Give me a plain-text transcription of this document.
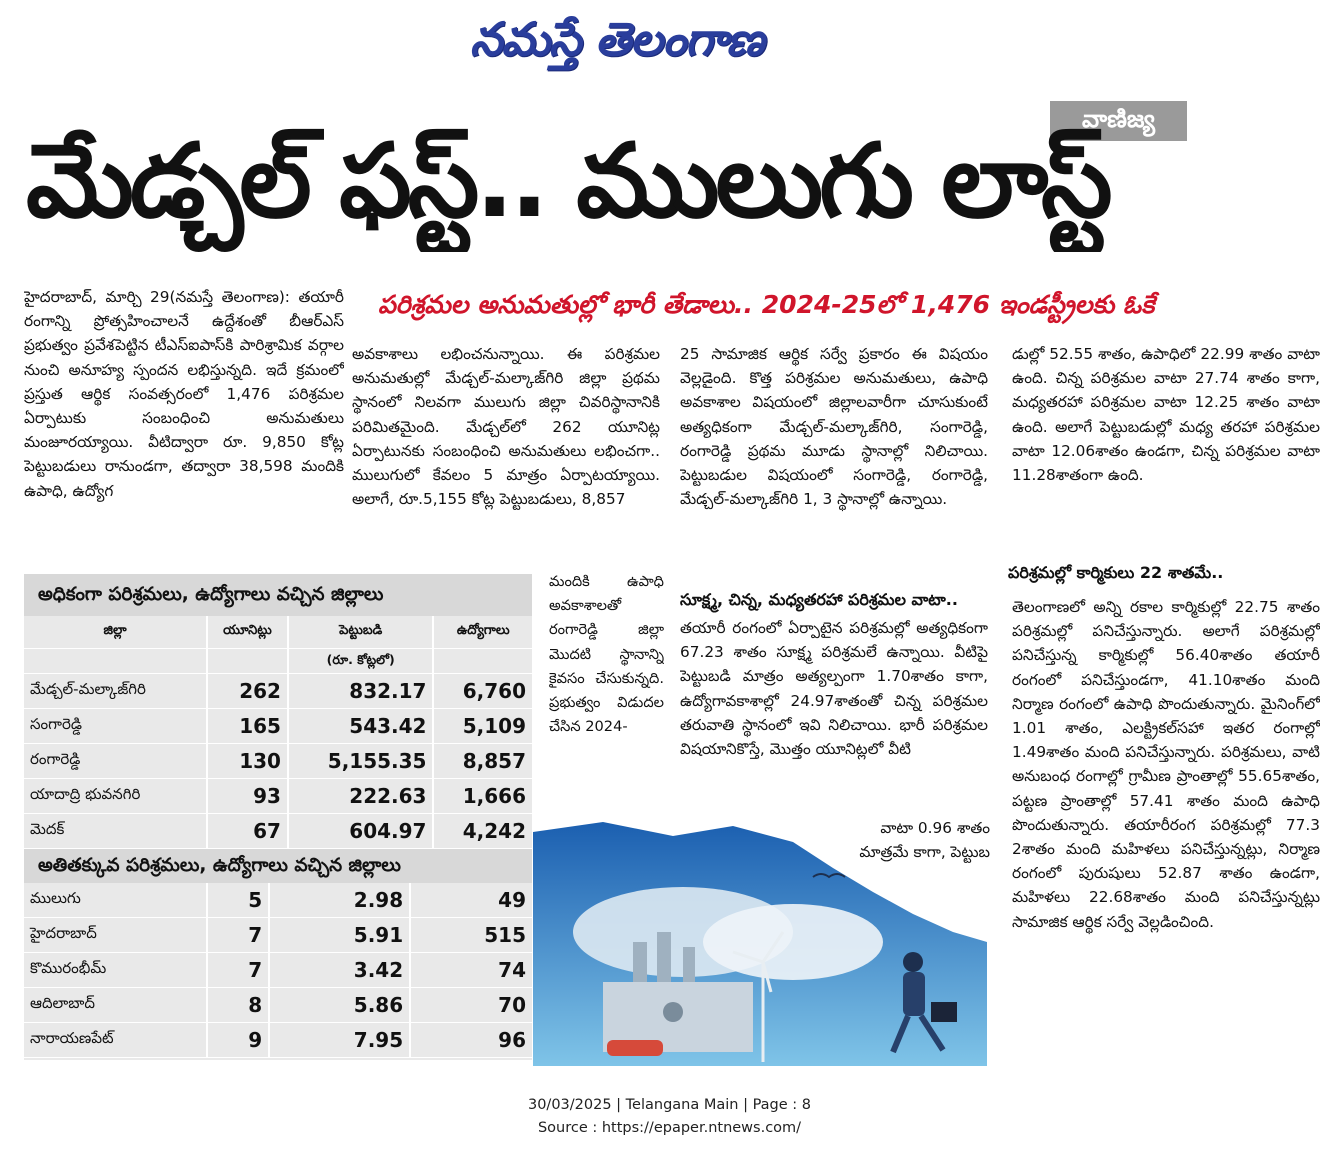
నమస్తే తెలంగాణ
వాణిజ్య
మేడ్చల్ ఫస్ట్.. ములుగు లాస్ట్
పరిశ్రమల అనుమతుల్లో భారీ తేడాలు.. 2024-25లో 1,476 ఇండస్ట్రీలకు ఓకే

హైదరాబాద్, మార్చి 29(నమస్తే తెలంగాణ): తయారీ రంగాన్ని ప్రోత్సహించాలనే ఉద్దేశంతో బీఆర్ఎస్ ప్రభుత్వం ప్రవేశపెట్టిన టీఎస్ఐపాస్‌కి పారిశ్రామిక వర్గాల నుంచి అనూహ్య స్పందన లభిస్తున్నది. ఇదే క్రమంలో ప్రస్తుత ఆర్థిక సంవత్సరంలో 1,476 పరిశ్రమల ఏర్పాటుకు సంబంధించి అనుమతులు మంజూరయ్యాయి. వీటిద్వారా రూ. 9,850 కోట్ల పెట్టుబడులు రానుండగా, తద్వారా 38,598 మందికి ఉపాధి, ఉద్యోగ

అవకాశాలు లభించనున్నాయి. ఈ పరిశ్రమల అనుమతుల్లో మేడ్చల్-మల్కాజ్‌గిరి జిల్లా ప్రథమ స్థానంలో నిలవగా ములుగు జిల్లా చివరిస్థానానికి పరిమితమైంది. మేడ్చల్‌లో 262 యూనిట్ల ఏర్పాటునకు సంబంధించి అనుమతులు లభించగా.. ములుగులో కేవలం 5 మాత్రం ఏర్పాటయ్యాయి. అలాగే, రూ.5,155 కోట్ల పెట్టుబడులు, 8,857

మందికి ఉపాధి అవకాశాలతో రంగారెడ్డి జిల్లా మొదటి స్థానాన్ని కైవసం చేసుకున్నది. ప్రభుత్వం విడుదల చేసిన 2024-

25 సామాజిక ఆర్థిక సర్వే ప్రకారం ఈ విషయం వెల్లడైంది. కొత్త పరిశ్రమల అనుమతులు, ఉపాధి అవకాశాల విషయంలో జిల్లాలవారీగా చూసుకుంటే అత్యధికంగా మేడ్చల్-మల్కాజ్‌గిరి, సంగారెడ్డి, రంగారెడ్డి ప్రథమ మూడు స్థానాల్లో నిలిచాయి. పెట్టుబడుల విషయంలో సంగారెడ్డి, రంగారెడ్డి, మేడ్చల్-మల్కాజ్‌గిరి 1, 3 స్థానాల్లో ఉన్నాయి.

సూక్ష్మ, చిన్న, మధ్యతరహా పరిశ్రమల వాటా..

తయారీ రంగంలో ఏర్పాటైన పరిశ్రమల్లో అత్యధికంగా 67.23 శాతం సూక్ష్మ పరిశ్రమలే ఉన్నాయి. వీటిపై పెట్టుబడి మాత్రం అత్యల్పంగా 1.70శాతం కాగా, ఉద్యోగావకాశాల్లో 24.97శాతంతో చిన్న పరిశ్రమల తరువాతి స్థానంలో ఇవి నిలిచాయి. భారీ పరిశ్రమల విషయానికొస్తే, మొత్తం యూనిట్లలో వీటి

వాటా 0.96 శాతం మాత్రమే కాగా, పెట్టుబ

డుల్లో 52.55 శాతం, ఉపాధిలో 22.99 శాతం వాటా ఉంది. చిన్న పరిశ్రమల వాటా 27.74 శాతం కాగా, మధ్యతరహా పరిశ్రమల వాటా 12.25 శాతం వాటా ఉంది. అలాగే పెట్టుబడుల్లో మధ్య తరహా పరిశ్రమల వాటా 12.06శాతం ఉండగా, చిన్న పరిశ్రమల వాటా 11.28శాతంగా ఉంది.

పరిశ్రమల్లో కార్మికులు 22 శాతమే..

తెలంగాణలో అన్ని రకాల కార్మికుల్లో 22.75 శాతం పరిశ్రమల్లో పనిచేస్తున్నారు. అలాగే పరిశ్రమల్లో పనిచేస్తున్న కార్మికుల్లో 56.40శాతం తయారీ రంగంలో పనిచేస్తుండగా, 41.10శాతం మంది నిర్మాణ రంగంలో ఉపాధి పొందుతున్నారు. మైనింగ్‌లో 1.01 శాతం, ఎలక్ట్రికల్‌సహా ఇతర రంగాల్లో 1.49శాతం మంది పనిచేస్తున్నారు. పరిశ్రమలు, వాటి అనుబంధ రంగాల్లో గ్రామీణ ప్రాంతాల్లో 55.65శాతం, పట్టణ ప్రాంతాల్లో 57.41 శాతం మంది ఉపాధి పొందుతున్నారు. తయారీరంగ పరిశ్రమల్లో 77.3 2శాతం మంది మహిళలు పనిచేస్తున్నట్లు, నిర్మాణ రంగంలో పురుషులు 52.87 శాతం ఉండగా, మహిళలు 22.68శాతం మంది పనిచేస్తున్నట్లు సామాజిక ఆర్థిక సర్వే వెల్లడించింది.

అధికంగా పరిశ్రమలు, ఉద్యోగాలు వచ్చిన జిల్లాలు
జిల్లా	యూనిట్లు	పెట్టుబడి	ఉద్యోగాలు
		(రూ. కోట్లలో)	
మేడ్చల్-మల్కాజ్‌గిరి	262	832.17	6,760
సంగారెడ్డి	165	543.42	5,109
రంగారెడ్డి	130	5,155.35	8,857
యాదాద్రి భువనగిరి	93	222.63	1,666
మెదక్	67	604.97	4,242
అతితక్కువ పరిశ్రమలు, ఉద్యోగాలు వచ్చిన జిల్లాలు
ములుగు	5	2.98	49
హైదరాబాద్	7	5.91	515
కొమురంభీమ్	7	3.42	74
ఆదిలాబాద్	8	5.86	70
నారాయణపేట్	9	7.95	96
30/03/2025 | Telangana Main | Page : 8
Source : https://epaper.ntnews.com/
